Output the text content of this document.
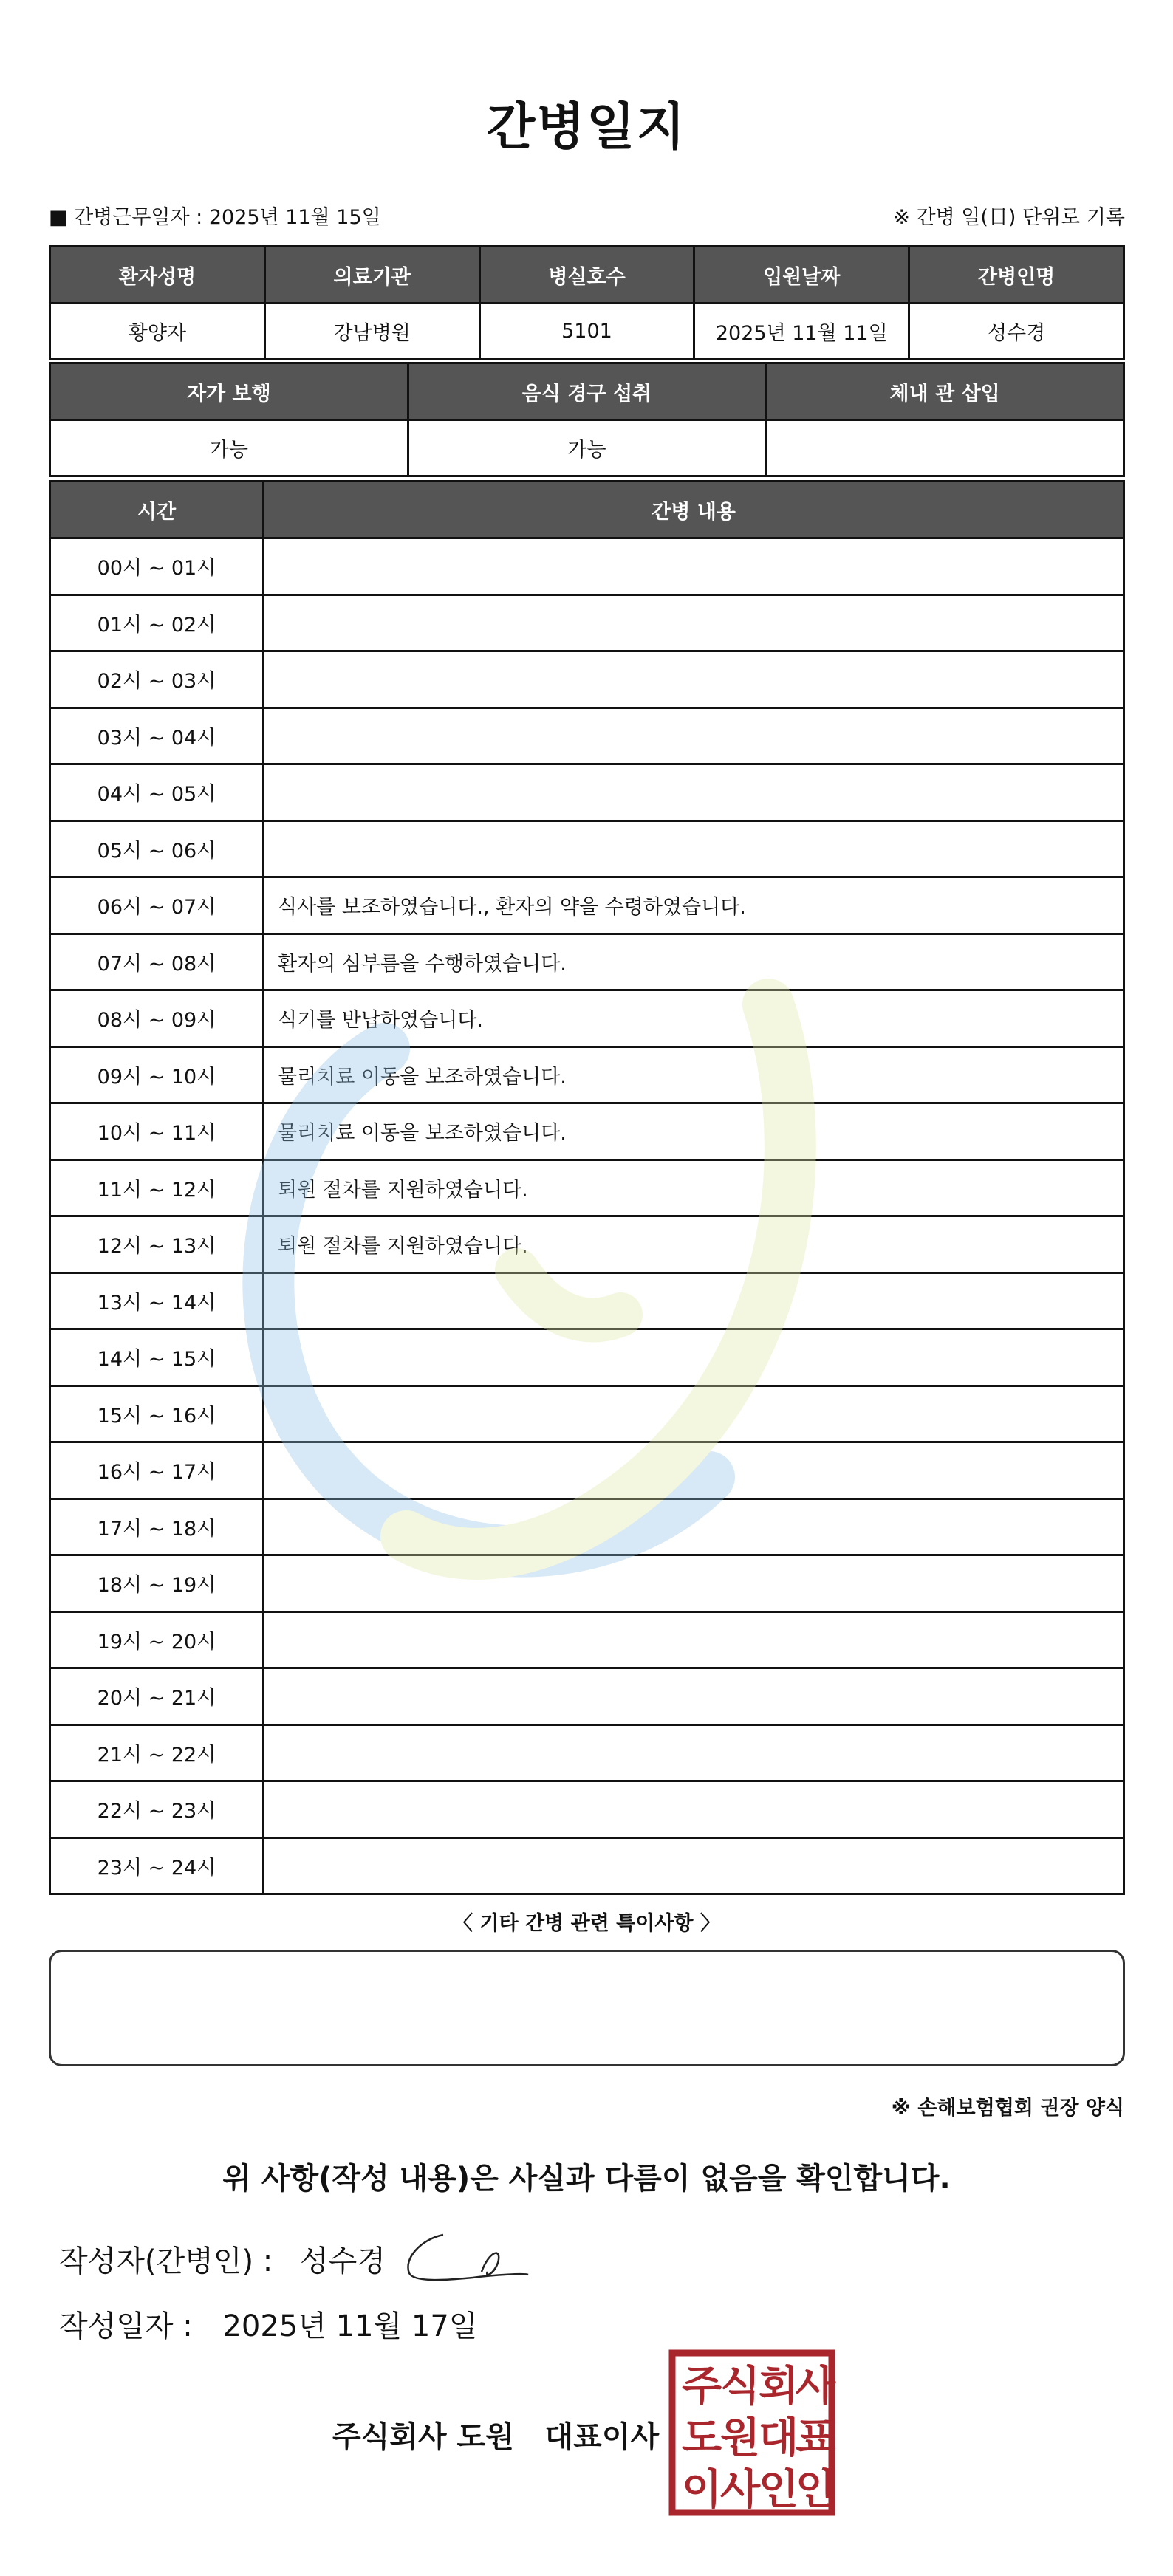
간병일지
■ 간병근무일자 : 2025년 11월 15일	※ 간병 일(日) 단위로 기록
환자성명	의료기관	병실호수	입원날짜	간병인명
황양자	강남병원	5101	2025년 11월 11일	성수경
자가 보행	음식 경구 섭취	체내 관 삽입
가능	가능	
시간	간병 내용
00시 ~ 01시	
01시 ~ 02시	
02시 ~ 03시	
03시 ~ 04시	
04시 ~ 05시	
05시 ~ 06시	
06시 ~ 07시	식사를 보조하였습니다., 환자의 약을 수령하였습니다.
07시 ~ 08시	환자의 심부름을 수행하였습니다.
08시 ~ 09시	식기를 반납하였습니다.
09시 ~ 10시	물리치료 이동을 보조하였습니다.
10시 ~ 11시	물리치료 이동을 보조하였습니다.
11시 ~ 12시	퇴원 절차를 지원하였습니다.
12시 ~ 13시	퇴원 절차를 지원하였습니다.
13시 ~ 14시	
14시 ~ 15시	
15시 ~ 16시	
16시 ~ 17시	
17시 ~ 18시	
18시 ~ 19시	
19시 ~ 20시	
20시 ~ 21시	
21시 ~ 22시	
22시 ~ 23시	
23시 ~ 24시	
〈 기타 간병 관련 특이사항 〉
※ 손해보험협회 권장 양식
위 사항(작성 내용)은 사실과 다름이 없음을 확인합니다.
작성자(간병인) : 성수경
작성일자 : 2025년 11월 17일
주식회사 도원   대표이사
주
식
회
사
도
원
대
표
이
사
인
인
